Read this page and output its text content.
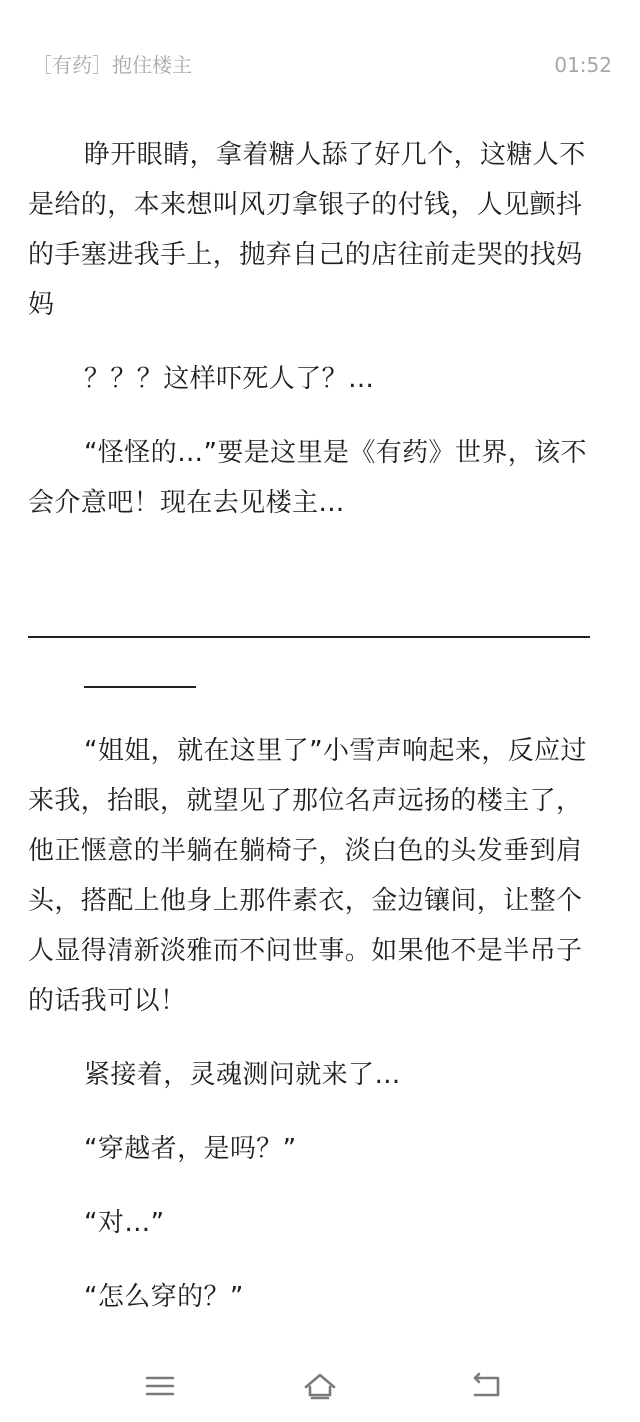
［有药］抱住楼主	01:52

睁开眼睛，拿着糖人舔了好几个，这糖人不是给的，本来想叫风刃拿银子的付钱，人见颤抖的手塞进我手上，抛弃自己的店往前走哭的找妈妈

？？？这样吓死人了？…

“怪怪的…”要是这里是《有药》世界，该不会介意吧！现在去见楼主…

“姐姐，就在这里了”小雪声响起来，反应过来我，抬眼，就望见了那位名声远扬的楼主了，他正惬意的半躺在躺椅子，淡白色的头发垂到肩头，搭配上他身上那件素衣，金边镶间，让整个人显得清新淡雅而不问世事。如果他不是半吊子的话我可以！

紧接着，灵魂测问就来了…

“穿越者，是吗？”

“对…”

“怎么穿的？”
